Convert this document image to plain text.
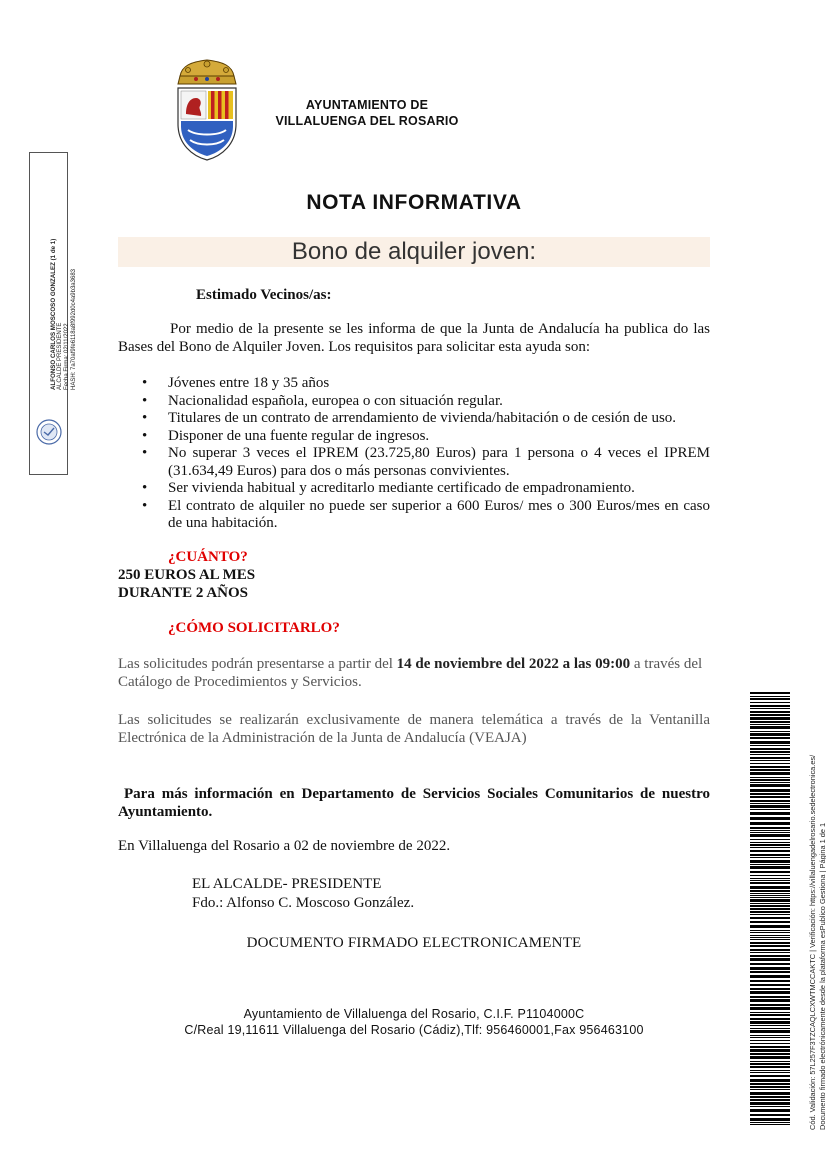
AYUNTAMIENTO DE
VILLALUENGA DEL ROSARIO
NOTA INFORMATIVA
Bono de alquiler joven:
Estimado Vecinos/as:
Por medio de la presente se les informa de que la Junta de Andalucía ha publica do las Bases del Bono de Alquiler Joven. Los requisitos para solicitar esta ayuda son:
• Jóvenes entre 18 y 35 años
• Nacionalidad española, europea o con situación regular.
• Titulares de un contrato de arrendamiento de vivienda/habitación o de cesión de uso.
• Disponer de una fuente regular de ingresos.
• No superar 3 veces el IPREM (23.725,80 Euros) para 1 persona o 4 veces el IPREM (31.634,49 Euros) para dos o más personas convivientes.
• Ser vivienda habitual y acreditarlo mediante certificado de empadronamiento.
• El contrato de alquiler no puede ser superior a 600 Euros/ mes o 300 Euros/mes en caso de una habitación.
¿CUÁNTO?
250 EUROS AL MES
DURANTE 2 AÑOS
¿CÓMO SOLICITARLO?
Las solicitudes podrán presentarse a partir del 14 de noviembre del 2022 a las 09:00 a través del Catálogo de Procedimientos y Servicios.
Las solicitudes se realizarán exclusivamente de manera telemática a través de la Ventanilla Electrónica de la Administración de la Junta de Andalucía (VEAJA)
Para más información en Departamento de Servicios Sociales Comunitarios de nuestro Ayuntamiento.
En Villaluenga del Rosario a 02 de noviembre de 2022.
EL ALCALDE- PRESIDENTE
Fdo.: Alfonso C. Moscoso González.
DOCUMENTO FIRMADO ELECTRONICAMENTE
Ayuntamiento de Villaluenga del Rosario, C.I.F. P1104000C
C/Real 19,11611 Villaluenga del Rosario (Cádiz),Tlf: 956460001,Fax 956463100
ALFONSO CARLOS MOSCOSO GONZALEZ (1 de 1) ALCALDE PRESIDENTE Fecha Firma: 02/11/2022 HASH: 7a70af9fe6118a8f992d0c4a9b3a3683
Cód. Validación: 57L257F3TZCAQLCXWTMCCAKTC | Verificación: https://villaluengadelrosario.sedelectronica.es/ Documento firmado electrónicamente desde la plataforma esPublico Gestiona | Página 1 de 1
